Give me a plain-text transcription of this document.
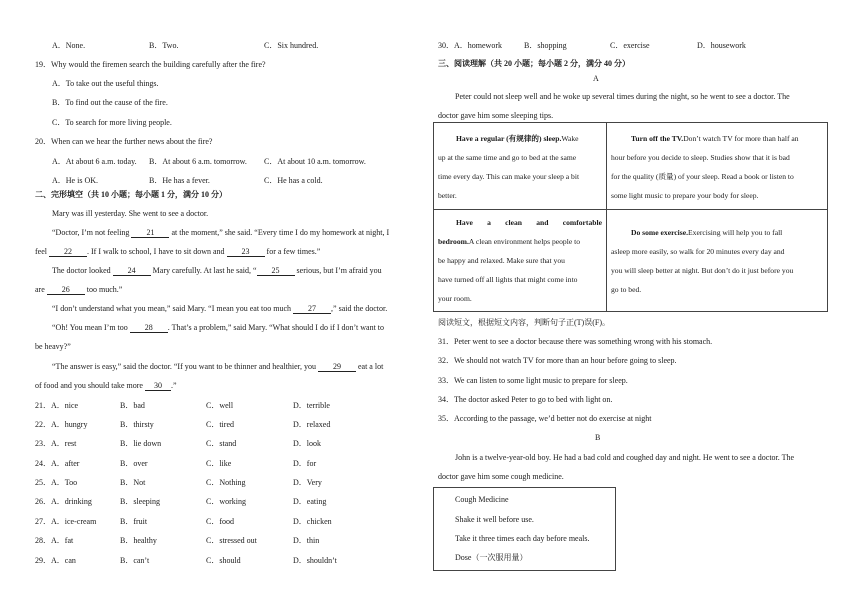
A．None.	B．Two.	C．Six hundred.
19．Why would the firemen search the building carefully after the fire?
A．To take out the useful things.
B．To find out the cause of the fire.
C．To search for more living people.
20．When can we hear the further news about the fire?
A．At about 6 a.m. today. B．At about 6 a.m. tomorrow. C．At about 10 a.m. tomorrow.
A．He is OK.	B．He has a fever.	C．He has a cold.
二、完形填空（共 10 小题；每小题 1 分，满分 10 分）
Mary was ill yesterday. She went to see a doctor.
“Doctor, I’m not feeling 21 at the moment,” she said. “Every time I do my homework at night, I
feel 22 . If I walk to school, I have to sit down and 23 for a few times.”
The doctor looked 24 Mary carefully. At last he said, “ 25 serious, but I’m afraid you
are 26 too much.”
“I don’t understand what you mean,” said Mary. “I mean you eat too much 27 ,” said the doctor.
“Oh! You mean I’m too 28 . That’s a problem,” said Mary. “What should I do if I don’t want to
be heavy?”
“The answer is easy,” said the doctor. “If you want to be thinner and healthier, you 29 eat a lot
of food and you should take more 30 .”
21．A．nice	B．bad	C．well	D．terrible
22．A．hungry	B．thirsty	C．tired	D．relaxed
23．A．rest	B．lie down	C．stand	D．look
24．A．after	B．over	C．like	D．for
25．A．Too	B．Not	C．Nothing	D．Very
26．A．drinking	B．sleeping	C．working	D．eating
27．A．ice-cream	B．fruit	C．food	D．chicken
28．A．fat	B．healthy	C．stressed out	D．thin
29．A．can	B．can’t	C．should	D．shouldn’t
30．A．homework	B．shopping	C．exercise	D．housework
三、阅读理解（共 20 小题；每小题 2 分，满分 40 分）
A
Peter could not sleep well and he woke up several times during the night, so he went to see a doctor. The
doctor gave him some sleeping tips.
Have a regular (有规律的) sleep.Wake
up at the same time and go to bed at the same
time every day. This can make your sleep a bit
better.
Turn off the TV.Don’t watch TV for more than half an
hour before you decide to sleep. Studies show that it is bad
for the quality (质量) of your sleep. Read a book or listen to
some light music to prepare your body for sleep.
Have a clean and comfortable
bedroom.A clean environment helps people to
be happy and relaxed. Make sure that you
have turned off all lights that might come into
your room.
Do some exercise.Exercising will help you to fall
asleep more easily, so walk for 20 minutes every day and
you will sleep better at night. But don’t do it just before you
go to bed.
阅读短文，根据短文内容，判断句子正(T)误(F)。
31．Peter went to see a doctor because there was something wrong with his stomach.
32．We should not watch TV for more than an hour before going to sleep.
33．We can listen to some light music to prepare for sleep.
34．The doctor asked Peter to go to bed with light on.
35．According to the passage, we’d better not do exercise at night
B
John is a twelve-year-old boy. He had a bad cold and coughed day and night. He went to see a doctor. The
doctor gave him some cough medicine.
Cough Medicine
Shake it well before use.
Take it three times each day before meals.
Dose（一次服用量）
